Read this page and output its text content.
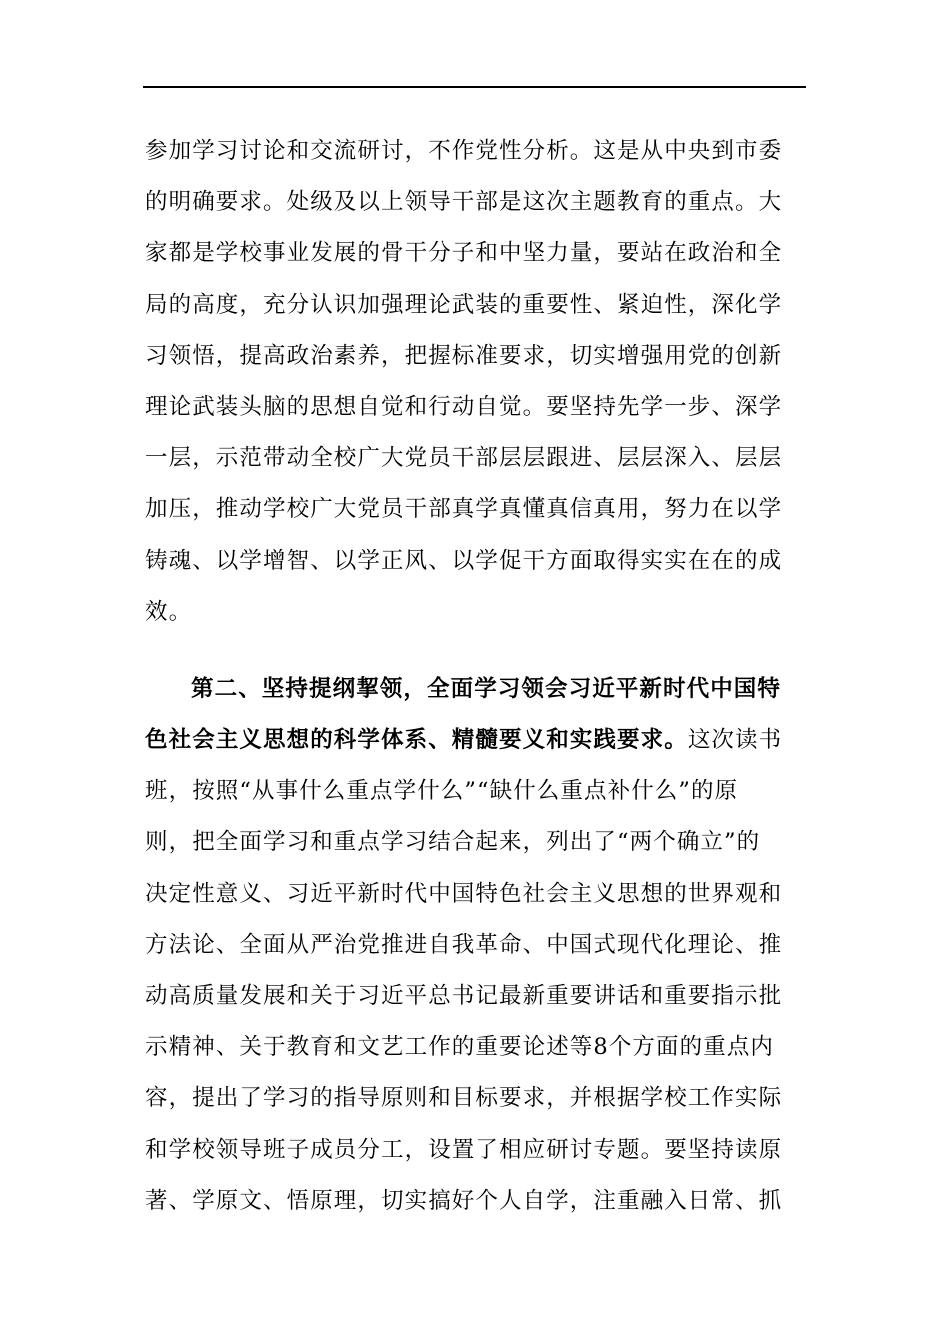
参加学习讨论和交流研讨，不作党性分析。这是从中央到市委
的明确要求。处级及以上领导干部是这次主题教育的重点。大
家都是学校事业发展的骨干分子和中坚力量，要站在政治和全
局的高度，充分认识加强理论武装的重要性、紧迫性，深化学
习领悟，提高政治素养，把握标准要求，切实增强用党的创新
理论武装头脑的思想自觉和行动自觉。要坚持先学一步、深学
一层，示范带动全校广大党员干部层层跟进、层层深入、层层
加压，推动学校广大党员干部真学真懂真信真用，努力在以学
铸魂、以学增智、以学正风、以学促干方面取得实实在在的成
效。
第二、坚持提纲挈领，全面学习领会习近平新时代中国特
色社会主义思想的科学体系、精髓要义和实践要求。这次读书
班，按照“从事什么重点学什么”“缺什么重点补什么”的原
则，把全面学习和重点学习结合起来，列出了“两个确立”的
决定性意义、习近平新时代中国特色社会主义思想的世界观和
方法论、全面从严治党推进自我革命、中国式现代化理论、推
动高质量发展和关于习近平总书记最新重要讲话和重要指示批
示精神、关于教育和文艺工作的重要论述等8个方面的重点内
容，提出了学习的指导原则和目标要求，并根据学校工作实际
和学校领导班子成员分工，设置了相应研讨专题。要坚持读原
著、学原文、悟原理，切实搞好个人自学，注重融入日常、抓
